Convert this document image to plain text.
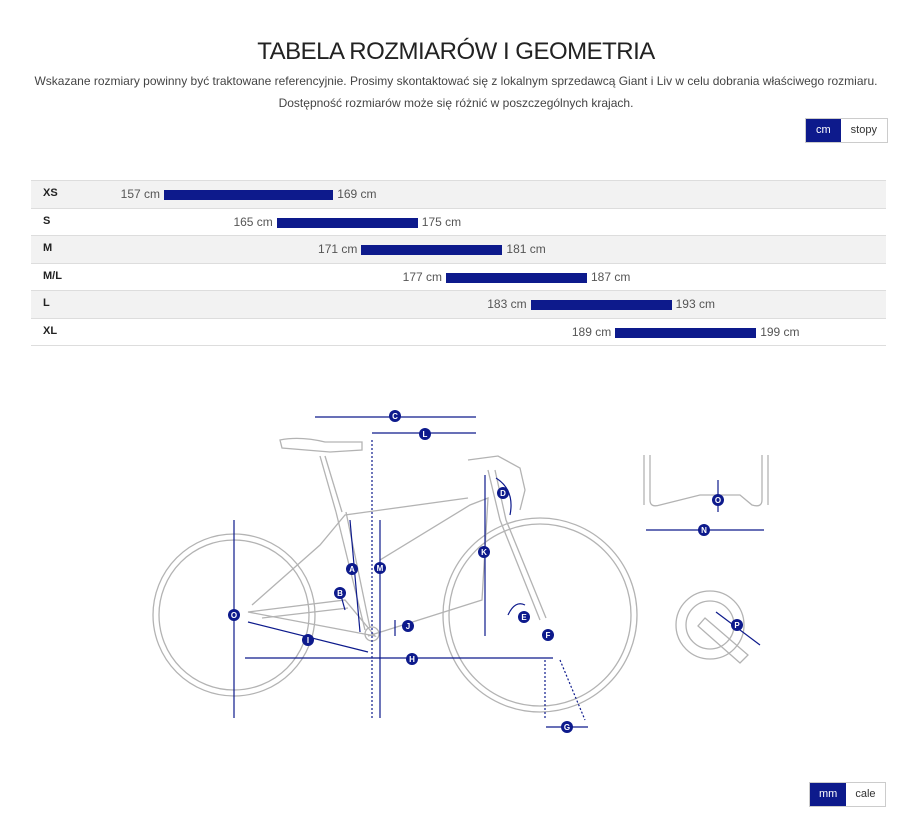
TABELA ROZMIARÓW I GEOMETRIA
Wskazane rozmiary powinny być traktowane referencyjnie. Prosimy skontaktować się z lokalnym sprzedawcą Giant i Liv w celu dobrania właściwego rozmiaru.
Dostępność rozmiarów może się różnić w poszczególnych krajach.
cm	stopy
XS	157 cm	169 cm
S	165 cm	175 cm
M	171 cm	181 cm
M/L	177 cm	187 cm
L	183 cm	193 cm
XL	189 cm	199 cm
A
B
C
D
E
F
G
H
I
J
K
L
M
N
O
P
O
mm	cale
